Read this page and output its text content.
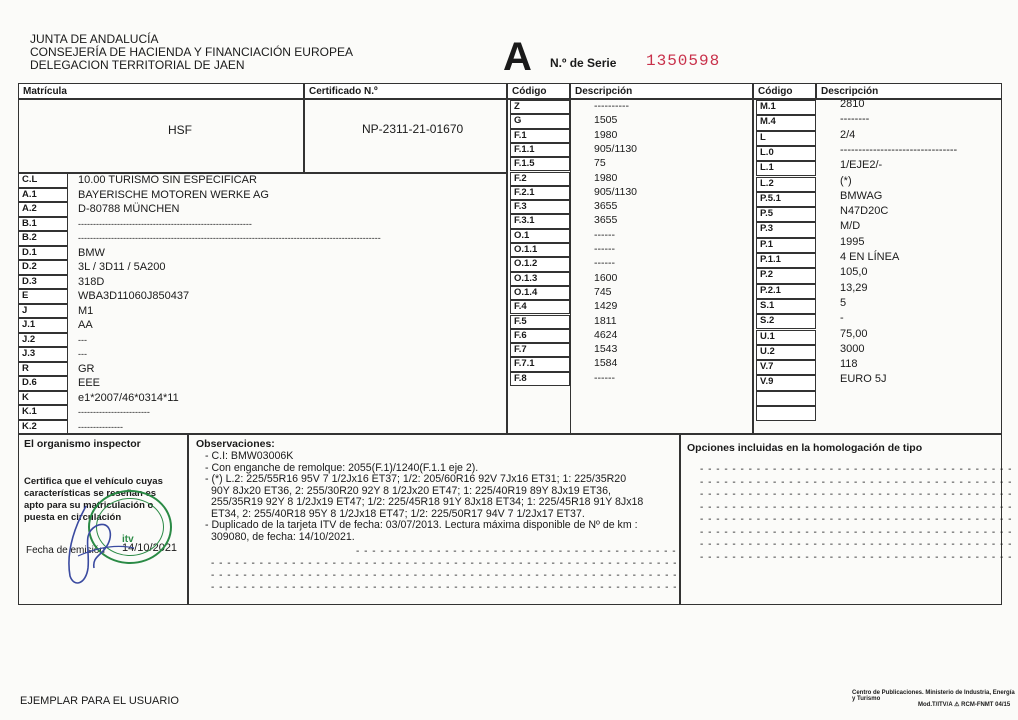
JUNTA DE ANDALUCÍA
CONSEJERÍA DE HACIENDA Y FINANCIACIÓN EUROPEA
DELEGACION TERRITORIAL DE JAEN	A N.º de Serie 1350598
Matrícula	Certificado N.º
HSF	NP-2311-21-01670
C.L	10.00 TURISMO SIN ESPECIFICAR
A.1	BAYERISCHE MOTOREN WERKE AG
A.2	D-80788 MÜNCHEN
B.1	----------------------------------------------------------
B.2	-----------------------------------------------------------------------------------------------------
D.1	BMW
D.2	3L / 3D11 / 5A200
D.3	318D
E	WBA3D11060J850437
J	M1
J.1	AA
J.2	---
J.3	---
R	GR
D.6	EEE
K	e1*2007/46*0314*11
K.1	------------------------
K.2	---------------
Código	Descripción
Z	----------
G	1505
F.1	1980
F.1.1	905/1130
F.1.5	75
F.2	1980
F.2.1	905/1130
F.3	3655
F.3.1	3655
O.1	------
O.1.1	------
O.1.2	------
O.1.3	1600
O.1.4	745
F.4	1429
F.5	1811
F.6	4624
F.7	1543
F.7.1	1584
F.8	------
Código	Descripción
M.1	2810
M.4	--------
L	2/4
L.0	--------------------------------
L.1	1/EJE2/-
L.2	(*)
P.5.1	BMWAG
P.5	N47D20C
P.3	M/D
P.1	1995
P.1.1	4 EN LÍNEA
P.2	105,0
P.2.1	13,29
S.1	5
S.2	-
U.1	75,00
U.2	3000
V.7	118
V.9	EURO 5J
El organismo inspector
Certifica que el vehículo cuyas
características se reseñan es
apto para su matriculación o
puesta en circulación
Fecha de emisión 14/10/2021
itv
Observaciones:
- C.I: BMW03006K
- Con enganche de remolque: 2055(F.1)/1240(F.1.1 eje 2).
- (*) L.2: 225/55R16 95V 7 1/2Jx16 ET37; 1/2: 205/60R16 92V 7Jx16 ET31; 1: 225/35R20
90Y 8Jx20 ET36, 2: 255/30R20 92Y 8 1/2Jx20 ET47; 1: 225/40R19 89Y 8Jx19 ET36,
255/35R19 92Y 8 1/2Jx19 ET47; 1/2: 225/45R18 91Y 8Jx18 ET34; 1: 225/45R18 91Y 8Jx18
ET34, 2: 255/40R18 95Y 8 1/2Jx18 ET47; 1/2: 225/50R17 94V 7 1/2Jx17 ET37.
- Duplicado de la tarjeta ITV de fecha: 03/07/2013. Lectura máxima disponible de Nº de km :
309080, de fecha: 14/10/2021.
- - - - - - - - - - - - - - - - - - - - - - - - - - - - - - - - - - - - - - - -
- - - - - - - - - - - - - - - - - - - - - - - - - - - - - - - - - - - - - - - - - - - - - - - - - - - - - - - - - -
- - - - - - - - - - - - - - - - - - - - - - - - - - - - - - - - - - - - - - - - - - - - - - - - - - - - - - - - - -
- - - - - - - - - - - - - - - - - - - - - - - - - - - - - - - - - - - - - - - - - - - - - - - - - - - - - - - - - -
Opciones incluidas en la homologación de tipo
- - - - - - - - - - - - - - - - - - - - - - - - - - - - - - - - - - - - - - -
- - - - - - - - - - - - - - - - - - - - - - - - - - - - - - - - - - - - - - -
- - - - - - - - - - - - - - - - - - - - - - - - - - - - - - - - - - - - - - -
- - - - - - - - - - - - - - - - - - - - - - - - - - - - - - - - - - - - - - -
- - - - - - - - - - - - - - - - - - - - - - - - - - - - - - - - - - - - - - -
- - - - - - - - - - - - - - - - - - - - - - - - - - - - - - - - - - - - - - -
- - - - - - - - - - - - - - - - - - - - - - - - - - - - - - - - - - - - - - -
- - - - - - - - - - - - - - - - - - - - - - - - - - - - - - - - - - - - - - -
EJEMPLAR PARA EL USUARIO
Centro de Publicaciones. Ministerio de Industria, Energía y Turismo
Mod.T/ITV/A ⚠ RCM-FNMT 04/15
